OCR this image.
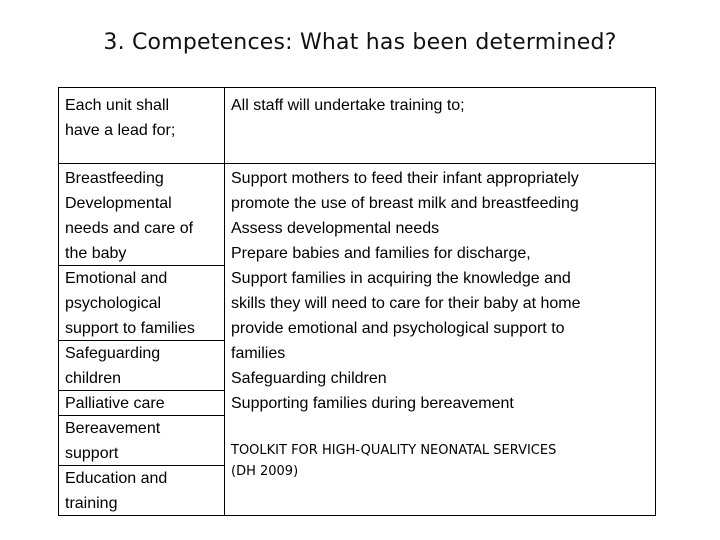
3. Competences: What has been determined?
Each unit shall
have a lead for;
All staff will undertake training to;
Breastfeeding
Developmental
needs and care of
the baby
Emotional and
psychological
support to families
Safeguarding
children
Palliative care
Bereavement
support
Education and
training
Support mothers to feed their infant appropriately
promote the use of breast milk and breastfeeding
Assess developmental needs
Prepare babies and families for discharge,
Support families in acquiring the knowledge and
skills they will need to care for their baby at home
provide emotional and psychological support to
families
Safeguarding children
Supporting families during bereavement
TOOLKIT FOR HIGH-QUALITY NEONATAL SERVICES
(DH 2009)
